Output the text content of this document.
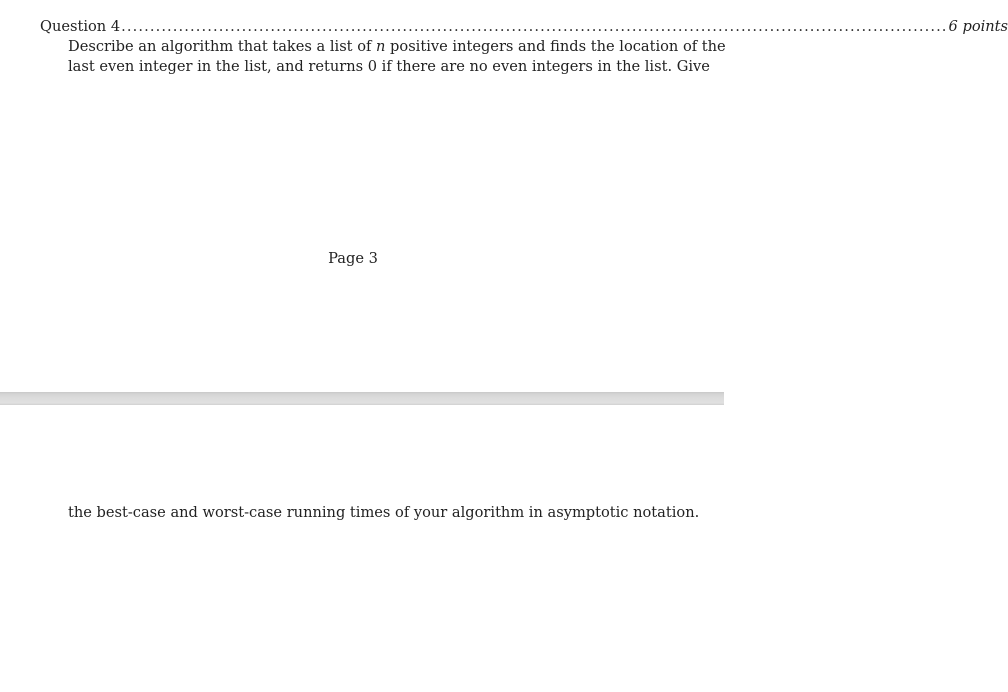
Question 4 ................................................................................................................................................ 6 points
Describe an algorithm that takes a list of n positive integers and finds the location of the
last even integer in the list, and returns 0 if there are no even integers in the list. Give
Page 3
the best-case and worst-case running times of your algorithm in asymptotic notation.
